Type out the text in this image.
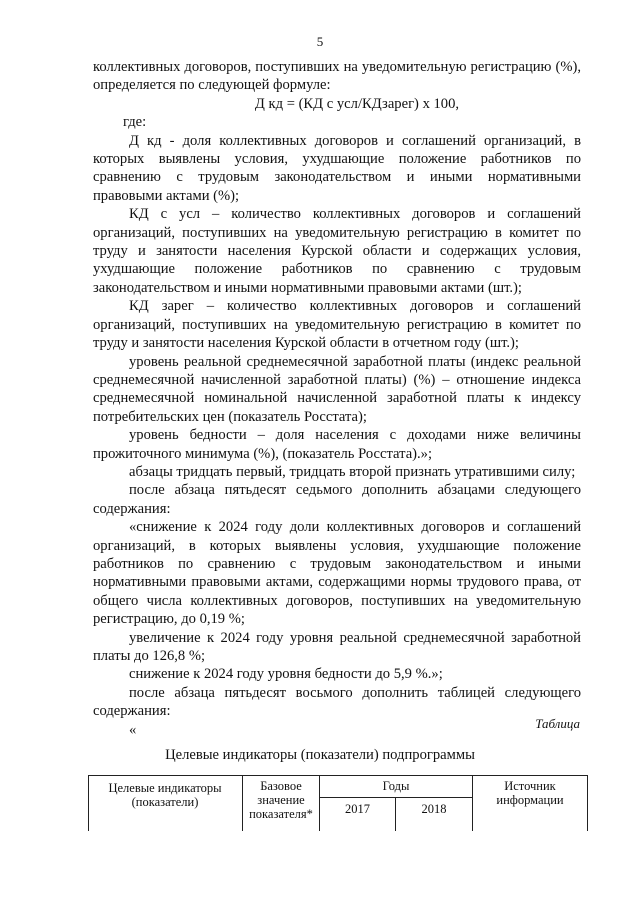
5

коллективных договоров, поступивших на уведомительную регистрацию (%), определяется по следующей формуле:

Д кд = (КД с усл/КДзарег) х 100,

где:

Д кд - доля коллективных договоров и соглашений организаций, в которых выявлены условия, ухудшающие положение работников по сравнению с трудовым законодательством и иными нормативными правовыми актами (%);

КД с усл – количество коллективных договоров и соглашений организаций, поступивших на уведомительную регистрацию в комитет по труду и занятости населения Курской области и содержащих условия, ухудшающие положение работников по сравнению с трудовым законодательством и иными нормативными правовыми актами (шт.);

КД зарег – количество коллективных договоров и соглашений организаций, поступивших на уведомительную регистрацию в комитет по труду и занятости населения Курской области в отчетном году (шт.);

уровень реальной среднемесячной заработной платы (индекс реальной среднемесячной начисленной заработной платы) (%) – отношение индекса среднемесячной номинальной начисленной заработной платы к индексу потребительских цен (показатель Росстата);

уровень бедности – доля населения с доходами ниже величины прожиточного минимума (%), (показатель Росстата).»;

абзацы тридцать первый, тридцать второй признать утратившими силу;

после абзаца пятьдесят седьмого дополнить абзацами следующего содержания:

«снижение к 2024 году доли коллективных договоров и соглашений организаций, в которых выявлены условия, ухудшающие положение работников по сравнению с трудовым законодательством и иными нормативными правовыми актами, содержащими нормы трудового права, от общего числа коллективных договоров, поступивших на уведомительную регистрацию, до 0,19 %;

увеличение к 2024 году уровня реальной среднемесячной заработной платы до 126,8 %;

снижение к 2024 году уровня бедности до 5,9 %.»;

после абзаца пятьдесят восьмого дополнить таблицей следующего содержания:

«	Таблица
Целевые индикаторы (показатели) подпрограммы
Целевые индикаторы (показатели)
Базовое значение показателя*
Годы
2017	2018
Источник информации
